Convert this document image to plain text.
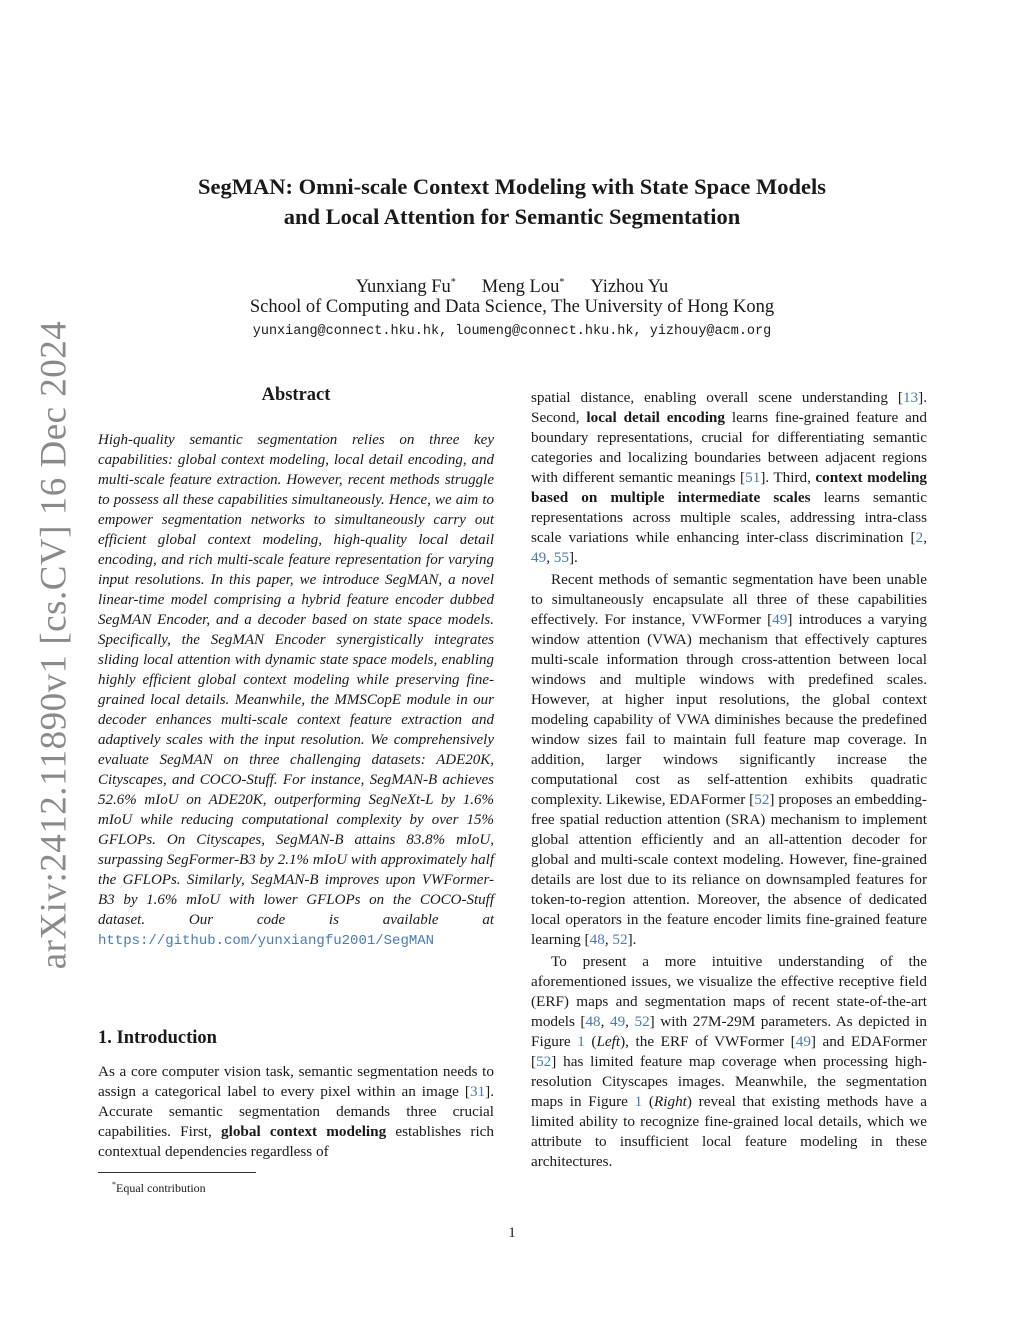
arXiv:2412.11890v1 [cs.CV] 16 Dec 2024
SegMAN: Omni-scale Context Modeling with State Space Models
and Local Attention for Semantic Segmentation
Yunxiang Fu* Meng Lou* Yizhou Yu
School of Computing and Data Science, The University of Hong Kong
yunxiang@connect.hku.hk, loumeng@connect.hku.hk, yizhouy@acm.org
Abstract
High-quality semantic segmentation relies on three key capabilities: global context modeling, local detail encoding, and multi-scale feature extraction. However, recent methods struggle to possess all these capabilities simultaneously. Hence, we aim to empower segmentation networks to simultaneously carry out efficient global context modeling, high-quality local detail encoding, and rich multi-scale feature representation for varying input resolutions. In this paper, we introduce SegMAN, a novel linear-time model comprising a hybrid feature encoder dubbed SegMAN Encoder, and a decoder based on state space models. Specifically, the SegMAN Encoder synergistically integrates sliding local attention with dynamic state space models, enabling highly efficient global context modeling while preserving fine-grained local details. Meanwhile, the MMSCopE module in our decoder enhances multi-scale context feature extraction and adaptively scales with the input resolution. We comprehensively evaluate SegMAN on three challenging datasets: ADE20K, Cityscapes, and COCO-Stuff. For instance, SegMAN-B achieves 52.6% mIoU on ADE20K, outperforming SegNeXt-L by 1.6% mIoU while reducing computational complexity by over 15% GFLOPs. On Cityscapes, SegMAN-B attains 83.8% mIoU, surpassing SegFormer-B3 by 2.1% mIoU with approximately half the GFLOPs. Similarly, SegMAN-B improves upon VWFormer-B3 by 1.6% mIoU with lower GFLOPs on the COCO-Stuff dataset. Our code is available at https://github.com/yunxiangfu2001/SegMAN
1. Introduction
As a core computer vision task, semantic segmentation needs to assign a categorical label to every pixel within an image [31]. Accurate semantic segmentation demands three crucial capabilities. First, global context modeling establishes rich contextual dependencies regardless of
*Equal contribution

spatial distance, enabling overall scene understanding [13]. Second, local detail encoding learns fine-grained feature and boundary representations, crucial for differentiating semantic categories and localizing boundaries between adjacent regions with different semantic meanings [51]. Third, context modeling based on multiple intermediate scales learns semantic representations across multiple scales, addressing intra-class scale variations while enhancing inter-class discrimination [2, 49, 55].

Recent methods of semantic segmentation have been unable to simultaneously encapsulate all three of these capabilities effectively. For instance, VWFormer [49] introduces a varying window attention (VWA) mechanism that effectively captures multi-scale information through cross-attention between local windows and multiple windows with predefined scales. However, at higher input resolutions, the global context modeling capability of VWA diminishes because the predefined window sizes fail to maintain full feature map coverage. In addition, larger windows significantly increase the computational cost as self-attention exhibits quadratic complexity. Likewise, EDAFormer [52] proposes an embedding-free spatial reduction attention (SRA) mechanism to implement global attention efficiently and an all-attention decoder for global and multi-scale context modeling. However, fine-grained details are lost due to its reliance on downsampled features for token-to-region attention. Moreover, the absence of dedicated local operators in the feature encoder limits fine-grained feature learning [48, 52].

To present a more intuitive understanding of the aforementioned issues, we visualize the effective receptive field (ERF) maps and segmentation maps of recent state-of-the-art models [48, 49, 52] with 27M-29M parameters. As depicted in Figure 1 (Left), the ERF of VWFormer [49] and EDAFormer [52] has limited feature map coverage when processing high-resolution Cityscapes images. Meanwhile, the segmentation maps in Figure 1 (Right) reveal that existing methods have a limited ability to recognize fine-grained local details, which we attribute to insufficient local feature modeling in these architectures.

1
